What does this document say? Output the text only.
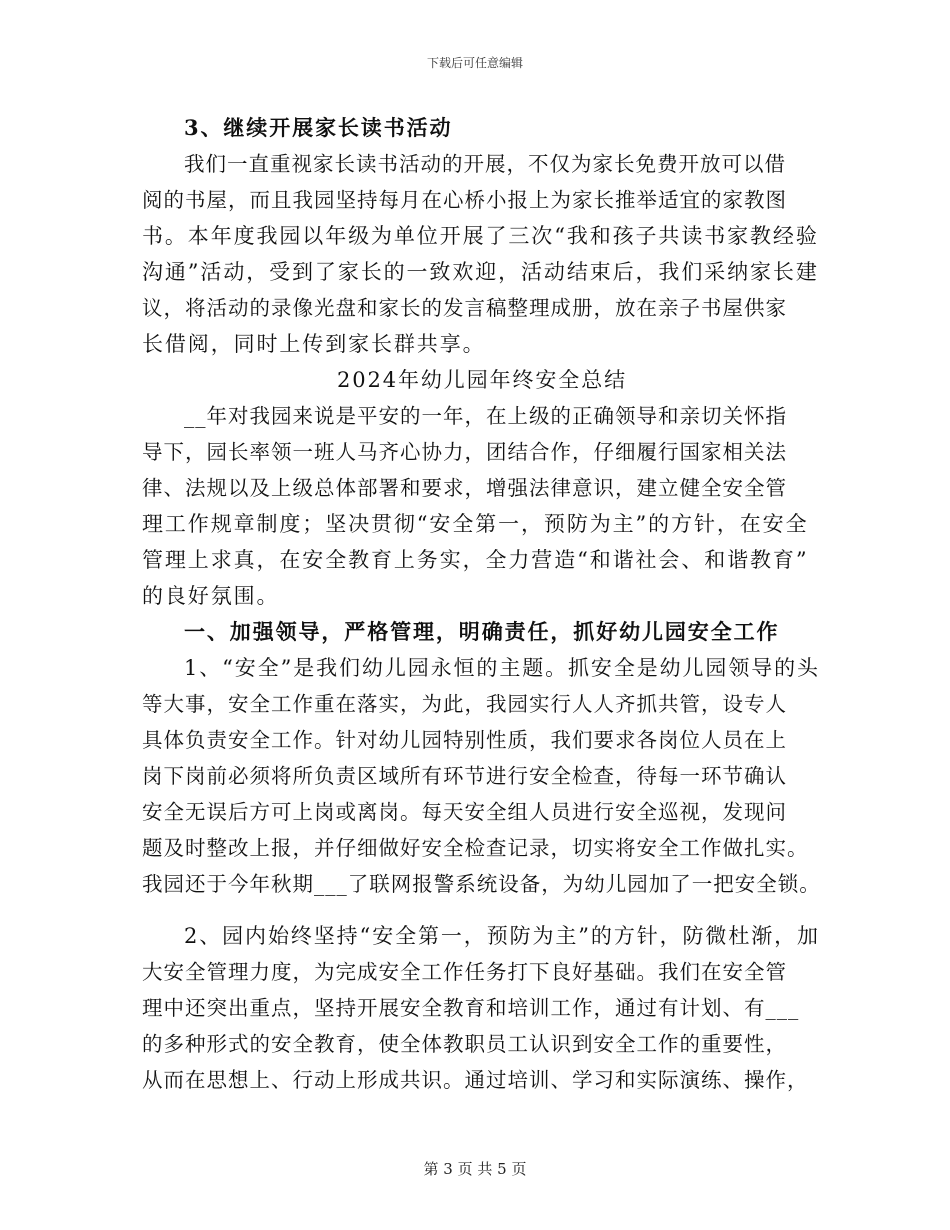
下载后可任意编辑
3、继续开展家长读书活动
我们一直重视家长读书活动的开展，不仅为家长免费开放可以借
阅的书屋，而且我园坚持每月在心桥小报上为家长推举适宜的家教图
书。本年度我园以年级为单位开展了三次“我和孩子共读书家教经验
沟通”活动，受到了家长的一致欢迎，活动结束后，我们采纳家长建
议，将活动的录像光盘和家长的发言稿整理成册，放在亲子书屋供家
长借阅，同时上传到家长群共享。
2024年幼儿园年终安全总结
__年对我园来说是平安的一年，在上级的正确领导和亲切关怀指
导下，园长率领一班人马齐心协力，团结合作，仔细履行国家相关法
律、法规以及上级总体部署和要求，增强法律意识，建立健全安全管
理工作规章制度；坚决贯彻“安全第一，预防为主”的方针，在安全
管理上求真，在安全教育上务实，全力营造“和谐社会、和谐教育”
的良好氛围。
一、加强领导，严格管理，明确责任，抓好幼儿园安全工作
1、“安全”是我们幼儿园永恒的主题。抓安全是幼儿园领导的头
等大事，安全工作重在落实，为此，我园实行人人齐抓共管，设专人
具体负责安全工作。针对幼儿园特别性质，我们要求各岗位人员在上
岗下岗前必须将所负责区域所有环节进行安全检查，待每一环节确认
安全无误后方可上岗或离岗。每天安全组人员进行安全巡视，发现问
题及时整改上报，并仔细做好安全检查记录，切实将安全工作做扎实。
我园还于今年秋期___了联网报警系统设备，为幼儿园加了一把安全锁。
2、园内始终坚持“安全第一，预防为主”的方针，防微杜渐，加
大安全管理力度，为完成安全工作任务打下良好基础。我们在安全管
理中还突出重点，坚持开展安全教育和培训工作，通过有计划、有___
的多种形式的安全教育，使全体教职员工认识到安全工作的重要性，
从而在思想上、行动上形成共识。通过培训、学习和实际演练、操作，
第 3 页 共 5 页
